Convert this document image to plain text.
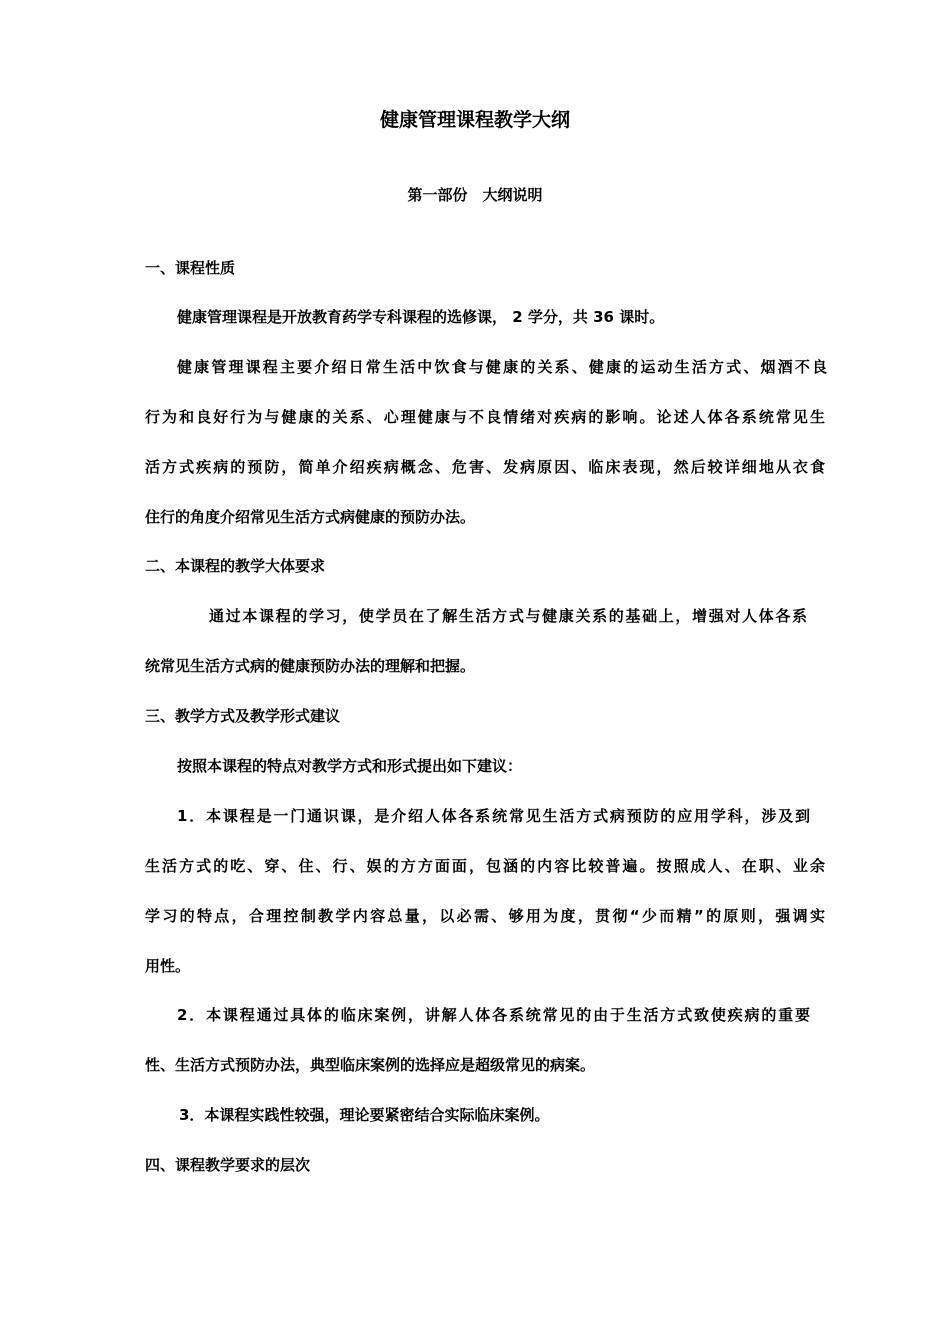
健康管理课程教学大纲
第一部份　大纲说明
一、课程性质
健康管理课程是开放教育药学专科课程的选修课， 2 学分，共 36 课时。
健康管理课程主要介绍日常生活中饮食与健康的关系、健康的运动生活方式、烟酒不良
行为和良好行为与健康的关系、心理健康与不良情绪对疾病的影响。论述人体各系统常见生
活方式疾病的预防，简单介绍疾病概念、危害、发病原因、临床表现，然后较详细地从衣食
住行的角度介绍常见生活方式病健康的预防办法。
二、本课程的教学大体要求
通过本课程的学习，使学员在了解生活方式与健康关系的基础上，增强对人体各系
统常见生活方式病的健康预防办法的理解和把握。
三、教学方式及教学形式建议
按照本课程的特点对教学方式和形式提出如下建议：
1．本课程是一门通识课，是介绍人体各系统常见生活方式病预防的应用学科，涉及到
生活方式的吃、穿、住、行、娱的方方面面，包涵的内容比较普遍。按照成人、在职、业余
学习的特点，合理控制教学内容总量，以必需、够用为度，贯彻“少而精”的原则，强调实
用性。
2．本课程通过具体的临床案例，讲解人体各系统常见的由于生活方式致使疾病的重要
性、生活方式预防办法，典型临床案例的选择应是超级常见的病案。
3．本课程实践性较强，理论要紧密结合实际临床案例。
四、课程教学要求的层次
